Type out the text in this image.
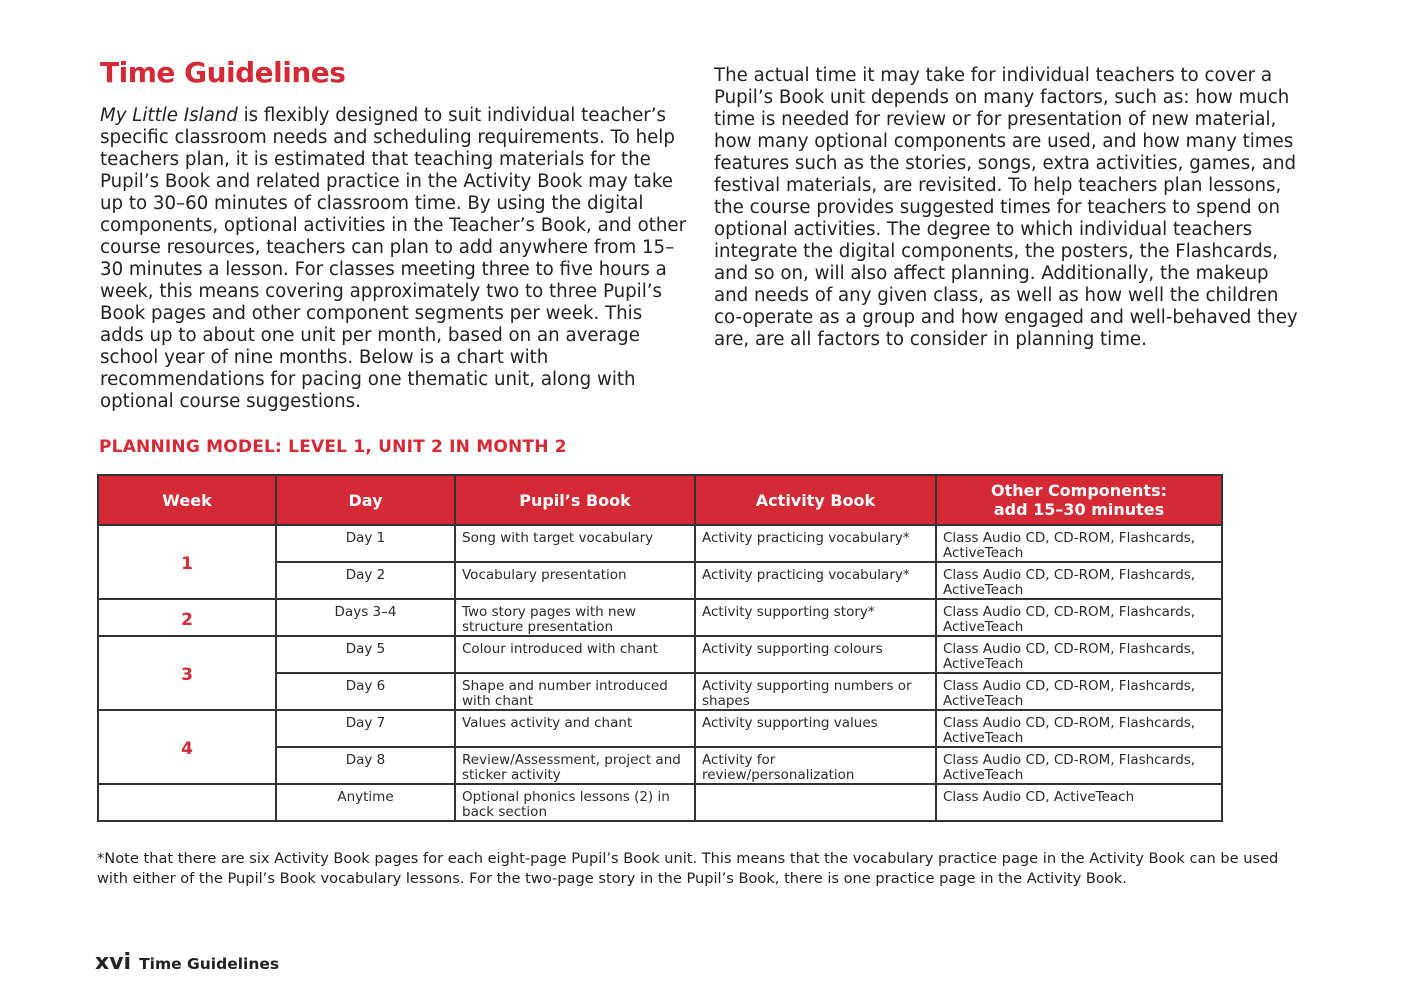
Time Guidelines

My Little Island is flexibly designed to suit individual teacher’s specific classroom needs and scheduling requirements. To help teachers plan, it is estimated that teaching materials for the Pupil’s Book and related practice in the Activity Book may take up to 30–60 minutes of classroom time. By using the digital components, optional activities in the Teacher’s Book, and other course resources, teachers can plan to add anywhere from 15–30 minutes a lesson. For classes meeting three to five hours a week, this means covering approximately two to three Pupil’s Book pages and other component segments per week. This adds up to about one unit per month, based on an average school year of nine months. Below is a chart with recommendations for pacing one thematic unit, along with optional course suggestions.

The actual time it may take for individual teachers to cover a Pupil’s Book unit depends on many factors, such as: how much time is needed for review or for presentation of new material, how many optional components are used, and how many times features such as the stories, songs, extra activities, games, and festival materials, are revisited. To help teachers plan lessons, the course provides suggested times for teachers to spend on optional activities. The degree to which individual teachers integrate the digital components, the posters, the Flashcards, and so on, will also affect planning. Additionally, the makeup and needs of any given class, as well as how well the children co-operate as a group and how engaged and well-behaved they are, are all factors to consider in planning time.

PLANNING MODEL: LEVEL 1, UNIT 2 IN MONTH 2
Week	Day	Pupil’s Book	Activity Book	Other Components:
add 15–30 minutes
1	Day 1	Song with target vocabulary	Activity practicing vocabulary*	Class Audio CD, CD-ROM, Flashcards, ActiveTeach
	Day 2	Vocabulary presentation	Activity practicing vocabulary*	Class Audio CD, CD-ROM, Flashcards, ActiveTeach
2	Days 3–4	Two story pages with new structure presentation	Activity supporting story*	Class Audio CD, CD-ROM, Flashcards, ActiveTeach
3	Day 5	Colour introduced with chant	Activity supporting colours	Class Audio CD, CD-ROM, Flashcards, ActiveTeach
	Day 6	Shape and number introduced with chant	Activity supporting numbers or shapes	Class Audio CD, CD-ROM, Flashcards, ActiveTeach
4	Day 7	Values activity and chant	Activity supporting values	Class Audio CD, CD-ROM, Flashcards, ActiveTeach
	Day 8	Review/Assessment, project and sticker activity	Activity for review/personalization	Class Audio CD, CD-ROM, Flashcards, ActiveTeach
	Anytime	Optional phonics lessons (2) in back section		Class Audio CD, ActiveTeach

*Note that there are six Activity Book pages for each eight-page Pupil’s Book unit. This means that the vocabulary practice page in the Activity Book can be used with either of the Pupil’s Book vocabulary lessons. For the two-page story in the Pupil’s Book, there is one practice page in the Activity Book.

xvi Time Guidelines
